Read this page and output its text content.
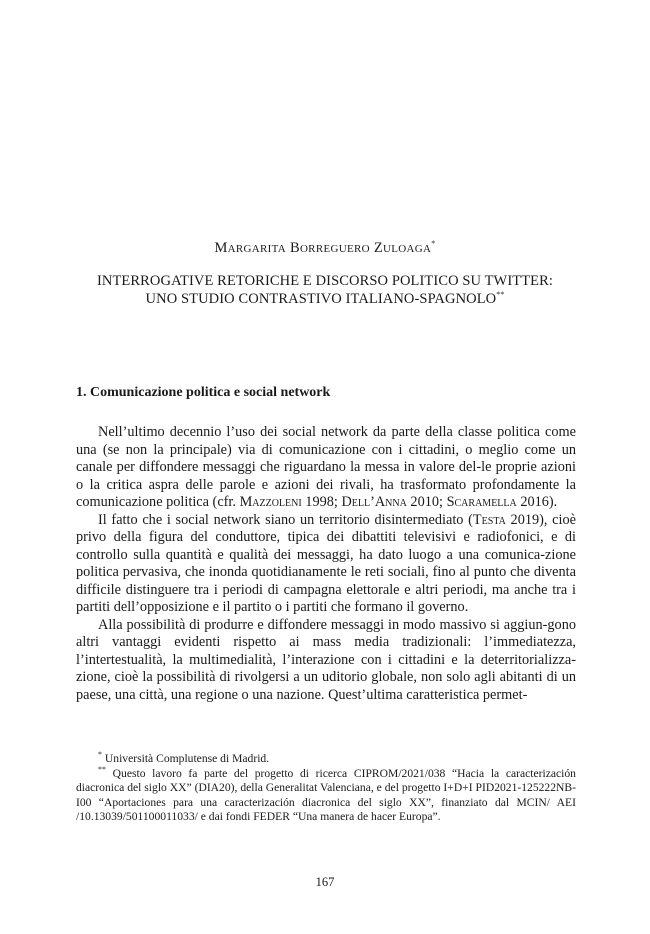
MARGARITA BORREGUERO ZULOAGA*
INTERROGATIVE RETORICHE E DISCORSO POLITICO SU TWITTER:
UNO STUDIO CONTRASTIVO ITALIANO-SPAGNOLO**
1. Comunicazione politica e social network

Nell’ultimo decennio l’uso dei social network da parte della classe politica come una (se non la principale) via di comunicazione con i cittadini, o meglio come un canale per diffondere messaggi che riguardano la messa in valore del-le proprie azioni o la critica aspra delle parole e azioni dei rivali, ha trasformato profondamente la comunicazione politica (cfr. Mazzoleni 1998; Dell’Anna 2010; Scaramella 2016).

Il fatto che i social network siano un territorio disintermediato (Testa 2019), cioè privo della figura del conduttore, tipica dei dibattiti televisivi e radiofonici, e di controllo sulla quantità e qualità dei messaggi, ha dato luogo a una comunica-zione politica pervasiva, che inonda quotidianamente le reti sociali, fino al punto che diventa difficile distinguere tra i periodi di campagna elettorale e altri periodi, ma anche tra i partiti dell’opposizione e il partito o i partiti che formano il governo.

Alla possibilità di produrre e diffondere messaggi in modo massivo si aggiun-gono altri vantaggi evidenti rispetto ai mass media tradizionali: l’immediatezza, l’intertestualità, la multimedialità, l’interazione con i cittadini e la deterritorializza-zione, cioè la possibilità di rivolgersi a un uditorio globale, non solo agli abitanti di un paese, una città, una regione o una nazione. Quest’ultima caratteristica permet-

* Università Complutense di Madrid.

** Questo lavoro fa parte del progetto di ricerca CIPROM/2021/038 “Hacia la caracterización diacronica del siglo XX” (DIA20), della Generalitat Valenciana, e del progetto I+D+I PID2021-125222NB-I00 “Aportaciones para una caracterización diacronica del siglo XX”, finanziato dal MCIN/ AEI /10.13039/501100011033/ e dai fondi FEDER “Una manera de hacer Europa”.

167
